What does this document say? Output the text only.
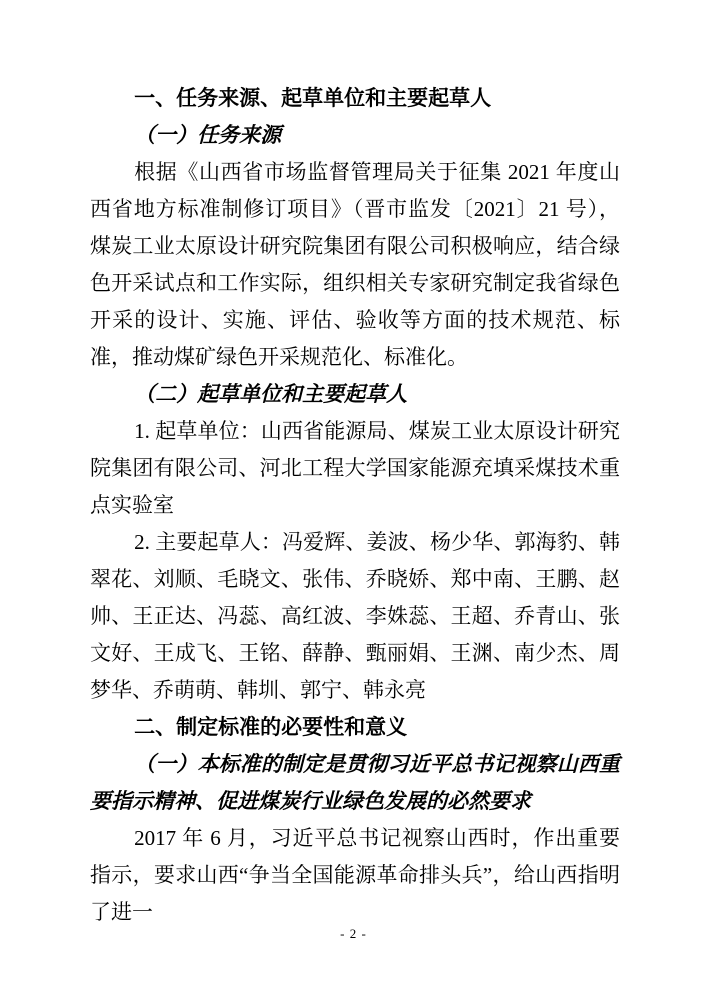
一、任务来源、起草单位和主要起草人
（一）任务来源
根据《山西省市场监督管理局关于征集 2021 年度山西省地方标准制修订项目》（晋市监发〔2021〕21 号），煤炭工业太原设计研究院集团有限公司积极响应，结合绿色开采试点和工作实际，组织相关专家研究制定我省绿色开采的设计、实施、评估、验收等方面的技术规范、标准，推动煤矿绿色开采规范化、标准化。
（二）起草单位和主要起草人
1. 起草单位：山西省能源局、煤炭工业太原设计研究院集团有限公司、河北工程大学国家能源充填采煤技术重点实验室
2. 主要起草人：冯爱辉、姜波、杨少华、郭海豹、韩翠花、刘顺、毛晓文、张伟、乔晓娇、郑中南、王鹏、赵帅、王正达、冯蕊、高红波、李姝蕊、王超、乔青山、张文好、王成飞、王铭、薛静、甄丽娟、王渊、南少杰、周梦华、乔萌萌、韩圳、郭宁、韩永亮
二、制定标准的必要性和意义
（一）本标准的制定是贯彻习近平总书记视察山西重要指示精神、促进煤炭行业绿色发展的必然要求
2017 年 6 月，习近平总书记视察山西时，作出重要指示，要求山西“争当全国能源革命排头兵”，给山西指明了进一
- 2 -
